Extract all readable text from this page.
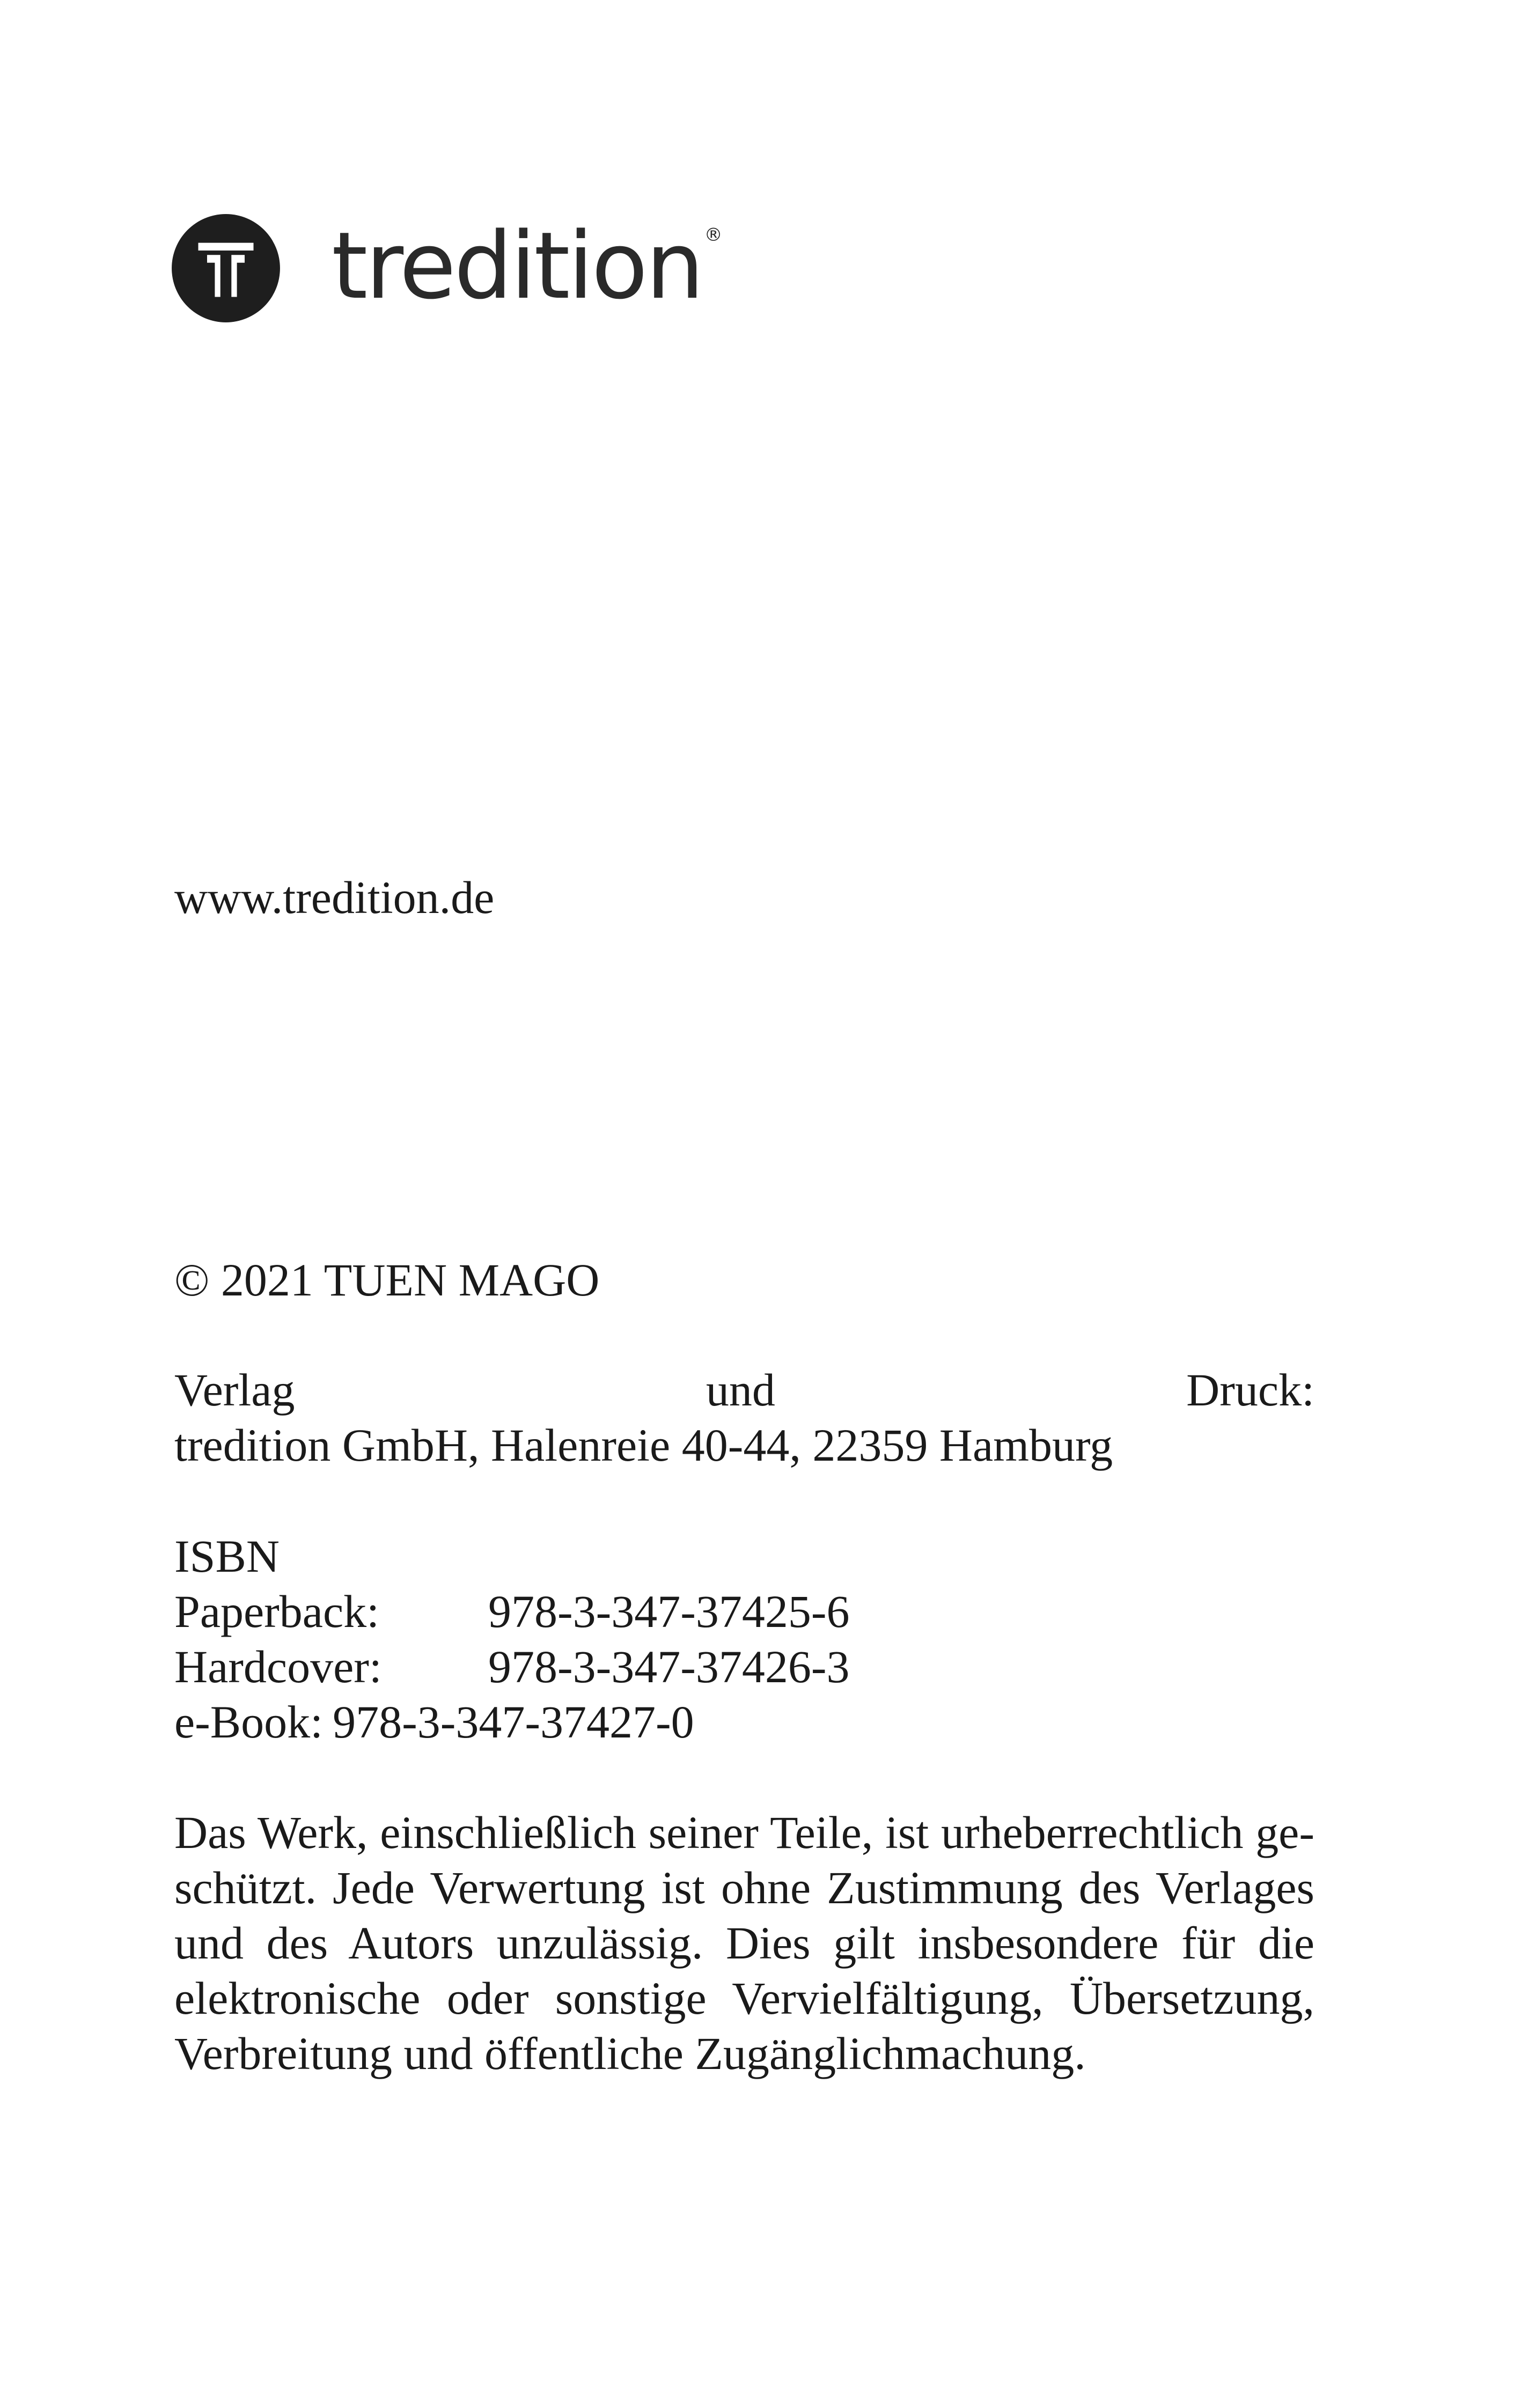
tredition ®
www.tredition.de
© 2021 TUEN MAGO
Verlag	und	Druck:
tredition GmbH, Halenreie 40-44, 22359 Hamburg
ISBN
Paperback:	978-3-347-37425-6
Hardcover:	978-3-347-37426-3
e-Book: 978-3-347-37427-0
Das Werk, einschließlich seiner Teile, ist urheberrechtlich ge-
schützt. Jede Verwertung ist ohne Zustimmung des Verlages
und des Autors unzulässig. Dies gilt insbesondere für die
elektronische oder sonstige Vervielfältigung, Übersetzung,
Verbreitung und öffentliche Zugänglichmachung.
